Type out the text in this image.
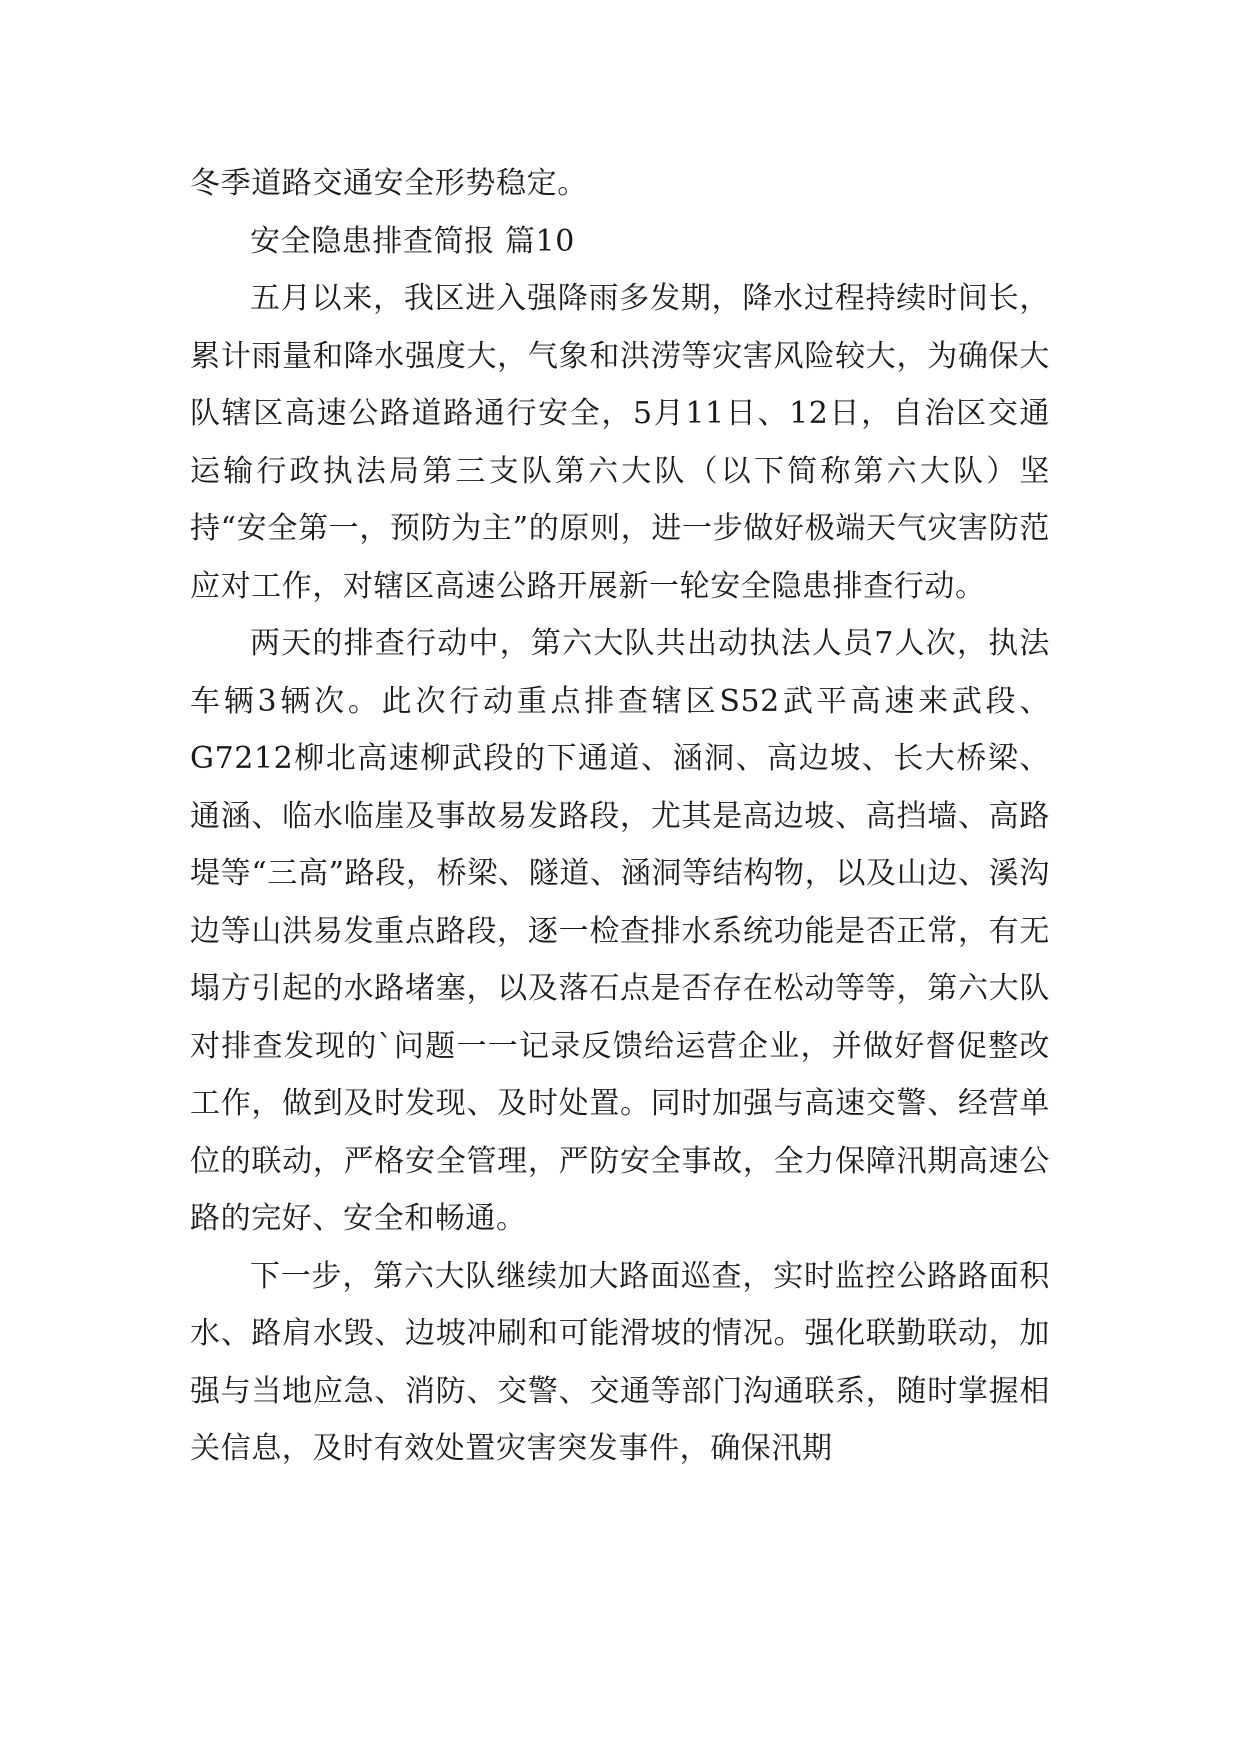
冬季道路交通安全形势稳定。

安全隐患排查简报 篇10

五月以来，我区进入强降雨多发期，降水过程持续时间长，累计雨量和降水强度大，气象和洪涝等灾害风险较大，为确保大队辖区高速公路道路通行安全，5月11日、12日，自治区交通运输行政执法局第三支队第六大队（以下简称第六大队）坚持“安全第一，预防为主”的原则，进一步做好极端天气灾害防范应对工作，对辖区高速公路开展新一轮安全隐患排查行动。

两天的排查行动中，第六大队共出动执法人员7人次，执法车辆3辆次。此次行动重点排查辖区S52武平高速来武段、G7212柳北高速柳武段的下通道、涵洞、高边坡、长大桥梁、通涵、临水临崖及事故易发路段，尤其是高边坡、高挡墙、高路堤等“三高”路段，桥梁、隧道、涵洞等结构物，以及山边、溪沟边等山洪易发重点路段，逐一检查排水系统功能是否正常，有无塌方引起的水路堵塞，以及落石点是否存在松动等等，第六大队对排查发现的`问题一一记录反馈给运营企业，并做好督促整改工作，做到及时发现、及时处置。同时加强与高速交警、经营单位的联动，严格安全管理，严防安全事故，全力保障汛期高速公路的完好、安全和畅通。

下一步，第六大队继续加大路面巡查，实时监控公路路面积水、路肩水毁、边坡冲刷和可能滑坡的情况。强化联勤联动，加强与当地应急、消防、交警、交通等部门沟通联系，随时掌握相关信息，及时有效处置灾害突发事件，确保汛期
